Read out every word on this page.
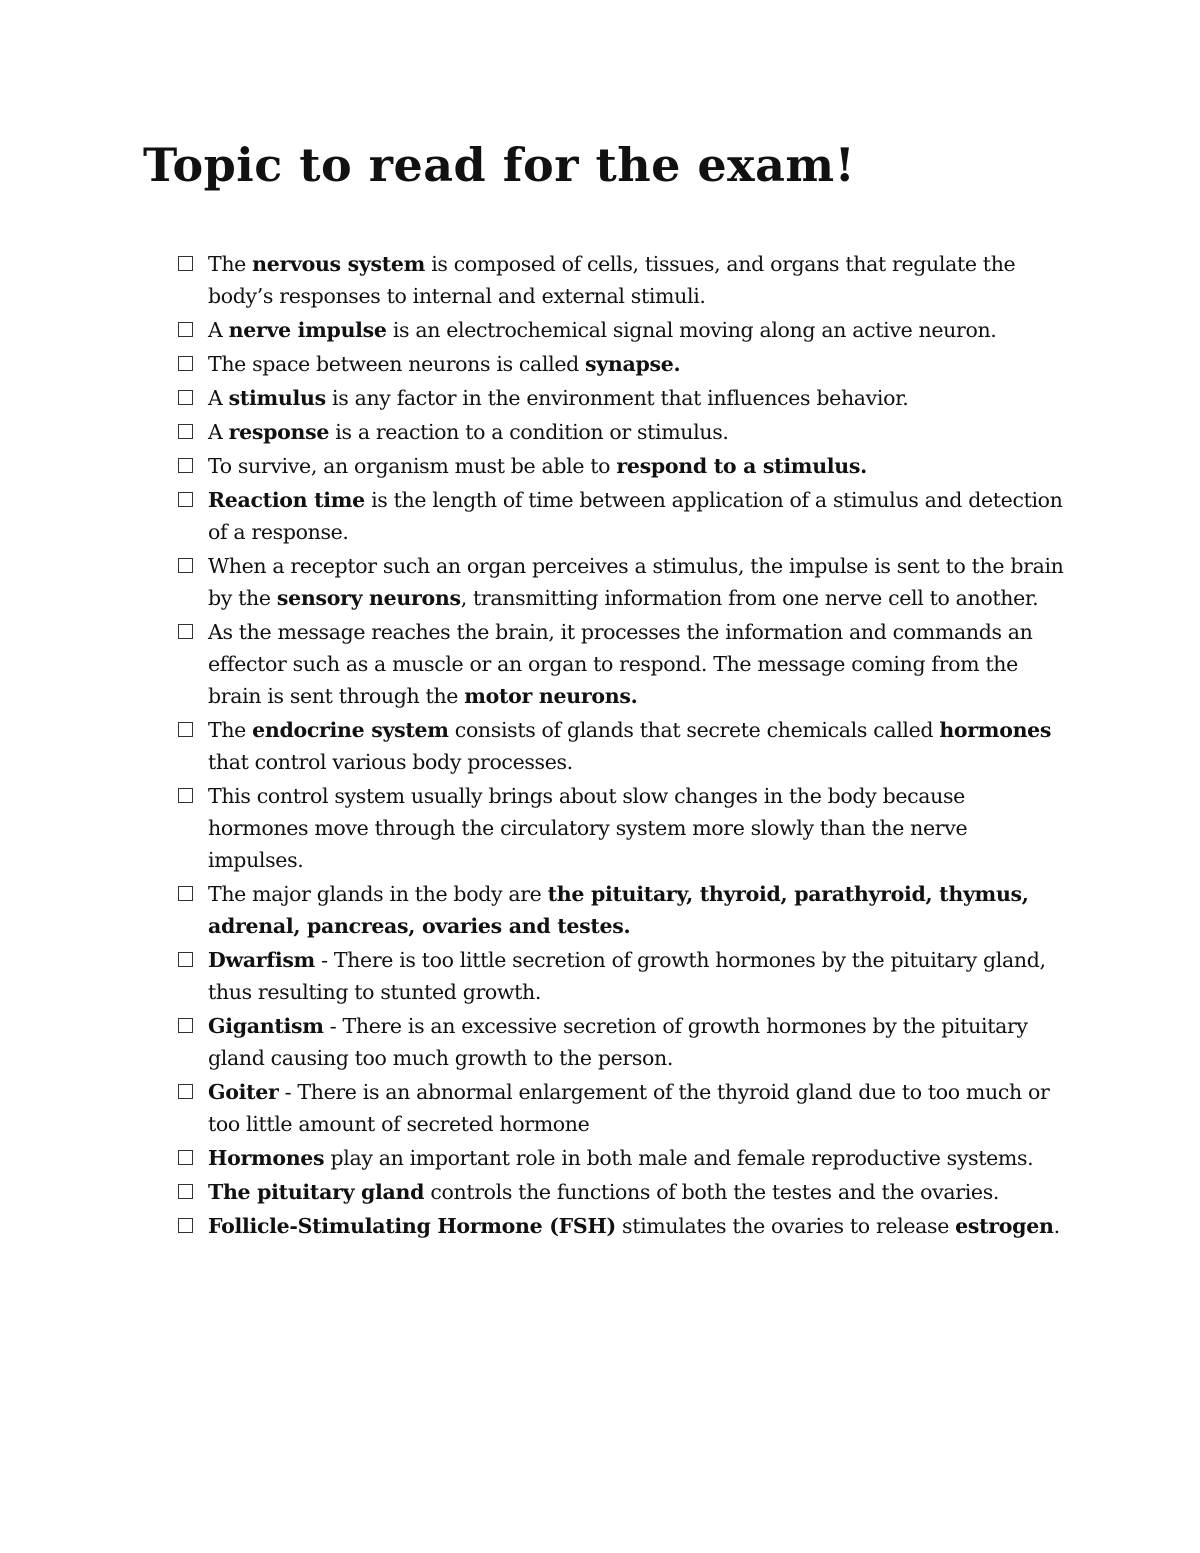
Topic to read for the exam!
The nervous system is composed of cells, tissues, and organs that regulate the body’s responses to internal and external stimuli.
A nerve impulse is an electrochemical signal moving along an active neuron.
The space between neurons is called synapse.
A stimulus is any factor in the environment that influences behavior.
A response is a reaction to a condition or stimulus.
To survive, an organism must be able to respond to a stimulus.
Reaction time is the length of time between application of a stimulus and detection of a response.
When a receptor such an organ perceives a stimulus, the impulse is sent to the brain by the sensory neurons, transmitting information from one nerve cell to another.
As the message reaches the brain, it processes the information and commands an effector such as a muscle or an organ to respond. The message coming from the brain is sent through the motor neurons.
The endocrine system consists of glands that secrete chemicals called hormones that control various body processes.
This control system usually brings about slow changes in the body because hormones move through the circulatory system more slowly than the nerve impulses.
The major glands in the body are the pituitary, thyroid, parathyroid, thymus, adrenal, pancreas, ovaries and testes.
Dwarfism - There is too little secretion of growth hormones by the pituitary gland, thus resulting to stunted growth.
Gigantism - There is an excessive secretion of growth hormones by the pituitary gland causing too much growth to the person.
Goiter - There is an abnormal enlargement of the thyroid gland due to too much or too little amount of secreted hormone
Hormones play an important role in both male and female reproductive systems.
The pituitary gland controls the functions of both the testes and the ovaries.
Follicle-Stimulating Hormone (FSH) stimulates the ovaries to release estrogen.
